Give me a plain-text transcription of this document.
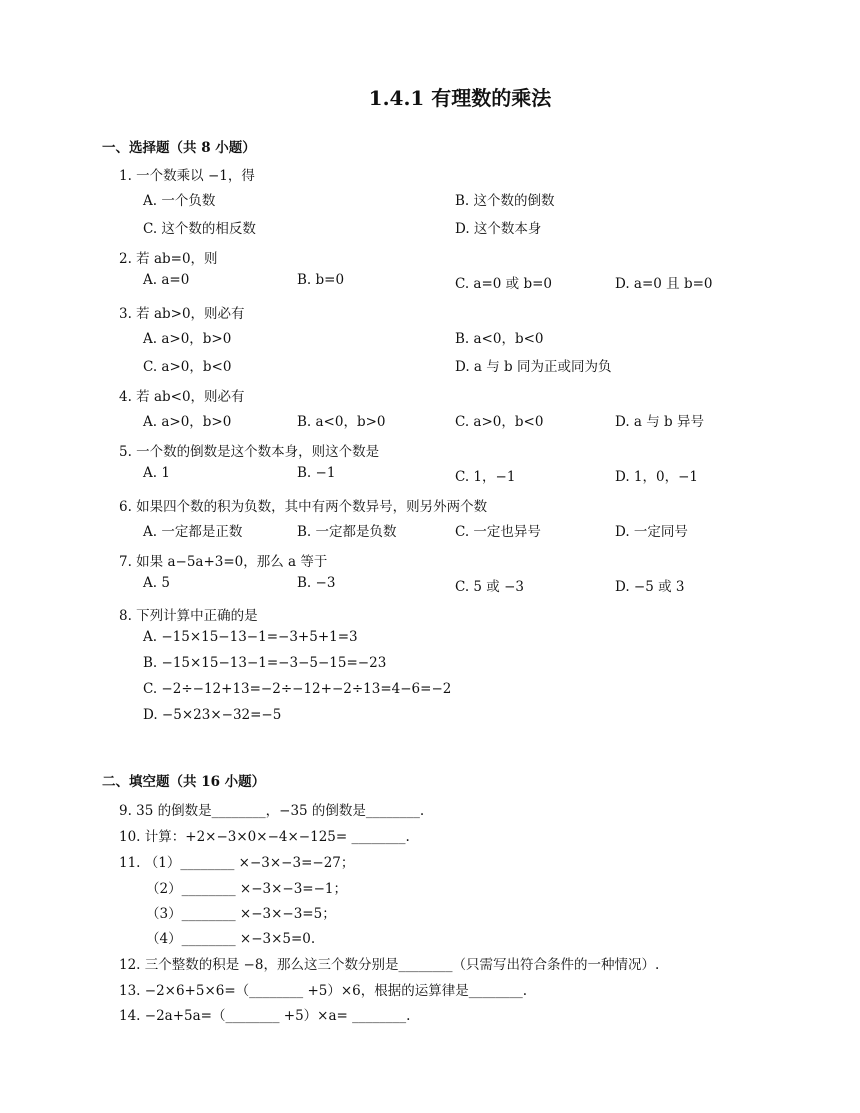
1.4.1 有理数的乘法
一、选择题（共 8 小题）
1. 一个数乘以 −1，得
A. 一个负数	B. 这个数的倒数
C. 这个数的相反数	D. 这个数本身
2. 若 ab=0，则
A. a=0	B. b=0	C. a=0 或 b=0	D. a=0 且 b=0
3. 若 ab>0，则必有
A. a>0，b>0	B. a<0，b<0
C. a>0，b<0	D. a 与 b 同为正或同为负
4. 若 ab<0，则必有
A. a>0，b>0	B. a<0，b>0	C. a>0，b<0	D. a 与 b 异号
5. 一个数的倒数是这个数本身，则这个数是
A. 1	B. −1	C. 1，−1	D. 1，0，−1
6. 如果四个数的积为负数，其中有两个数异号，则另外两个数
A. 一定都是正数	B. 一定都是负数	C. 一定也异号	D. 一定同号
7. 如果 a−5a+3=0，那么 a 等于
A. 5	B. −3	C. 5 或 −3	D. −5 或 3
8. 下列计算中正确的是
A. −15×15−13−1=−3+5+1=3
B. −15×15−13−1=−3−5−15=−23
C. −2÷−12+13=−2÷−12+−2÷13=4−6=−2
D. −5×23×−32=−5
二、填空题（共 16 小题）
9. 35 的倒数是________，−35 的倒数是________.
10. 计算：+2×−3×0×−4×−125= ________.
11. （1）________ ×−3×−3=−27；
（2）________ ×−3×−3=−1；
（3）________ ×−3×−3=5；
（4）________ ×−3×5=0.
12. 三个整数的积是 −8，那么这三个数分别是________（只需写出符合条件的一种情况）.
13. −2×6+5×6=（________ +5）×6，根据的运算律是________.
14. −2a+5a=（________ +5）×a= ________.
